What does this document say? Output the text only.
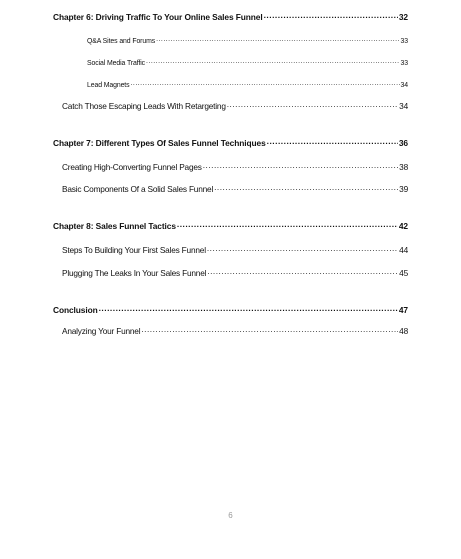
Chapter 6: Driving Traffic To Your Online Sales Funnel .....	32
Q&A Sites and Forums .....	33
Social Media Traffic .....	33
Lead Magnets .....	34
Catch Those Escaping Leads With Retargeting .....	34
Chapter 7: Different Types Of Sales Funnel Techniques .....	36
Creating High-Converting Funnel Pages .....	38
Basic Components Of a Solid Sales Funnel .....	39
Chapter 8: Sales Funnel Tactics .....	42
Steps To Building Your First Sales Funnel .....	44
Plugging The Leaks In Your Sales Funnel .....	45
Conclusion .....	47
Analyzing Your Funnel .....	48
6
